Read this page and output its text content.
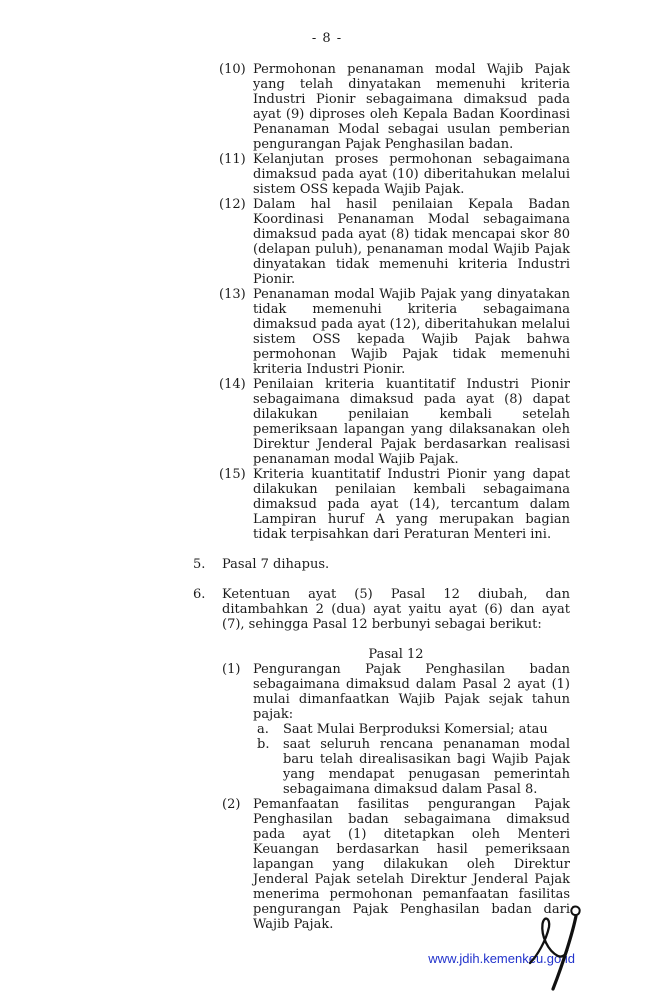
- 8 -
(10) Permohonan penanaman modal Wajib Pajak yang telah dinyatakan memenuhi kriteria Industri Pionir sebagaimana dimaksud pada ayat (9) diproses oleh Kepala Badan Koordinasi Penanaman Modal sebagai usulan pemberian pengurangan Pajak Penghasilan badan.
(11) Kelanjutan proses permohonan sebagaimana dimaksud pada ayat (10) diberitahukan melalui sistem OSS kepada Wajib Pajak.
(12) Dalam hal hasil penilaian Kepala Badan Koordinasi Penanaman Modal sebagaimana dimaksud pada ayat (8) tidak mencapai skor 80 (delapan puluh), penanaman modal Wajib Pajak dinyatakan tidak memenuhi kriteria Industri Pionir.
(13) Penanaman modal Wajib Pajak yang dinyatakan tidak memenuhi kriteria sebagaimana dimaksud pada ayat (12), diberitahukan melalui sistem OSS kepada Wajib Pajak bahwa permohonan Wajib Pajak tidak memenuhi kriteria Industri Pionir.
(14) Penilaian kriteria kuantitatif Industri Pionir sebagaimana dimaksud pada ayat (8) dapat dilakukan penilaian kembali setelah pemeriksaan lapangan yang dilaksanakan oleh Direktur Jenderal Pajak berdasarkan realisasi penanaman modal Wajib Pajak.
(15) Kriteria kuantitatif Industri Pionir yang dapat dilakukan penilaian kembali sebagaimana dimaksud pada ayat (14), tercantum dalam Lampiran huruf A yang merupakan bagian tidak terpisahkan dari Peraturan Menteri ini.
5.	Pasal 7 dihapus.
6.	Ketentuan ayat (5) Pasal 12 diubah, dan ditambahkan 2 (dua) ayat yaitu ayat (6) dan ayat (7), sehingga Pasal 12 berbunyi sebagai berikut:
Pasal 12
(1) Pengurangan Pajak Penghasilan badan sebagaimana dimaksud dalam Pasal 2 ayat (1) mulai dimanfaatkan Wajib Pajak sejak tahun pajak:
a.	Saat Mulai Berproduksi Komersial; atau
b.	saat seluruh rencana penanaman modal baru telah direalisasikan bagi Wajib Pajak yang mendapat penugasan pemerintah sebagaimana dimaksud dalam Pasal 8.
(2) Pemanfaatan fasilitas pengurangan Pajak Penghasilan badan sebagaimana dimaksud pada ayat (1) ditetapkan oleh Menteri Keuangan berdasarkan hasil pemeriksaan lapangan yang dilakukan oleh Direktur Jenderal Pajak setelah Direktur Jenderal Pajak menerima permohonan pemanfaatan fasilitas pengurangan Pajak Penghasilan badan dari Wajib Pajak.
www.jdih.kemenkeu.go.id
